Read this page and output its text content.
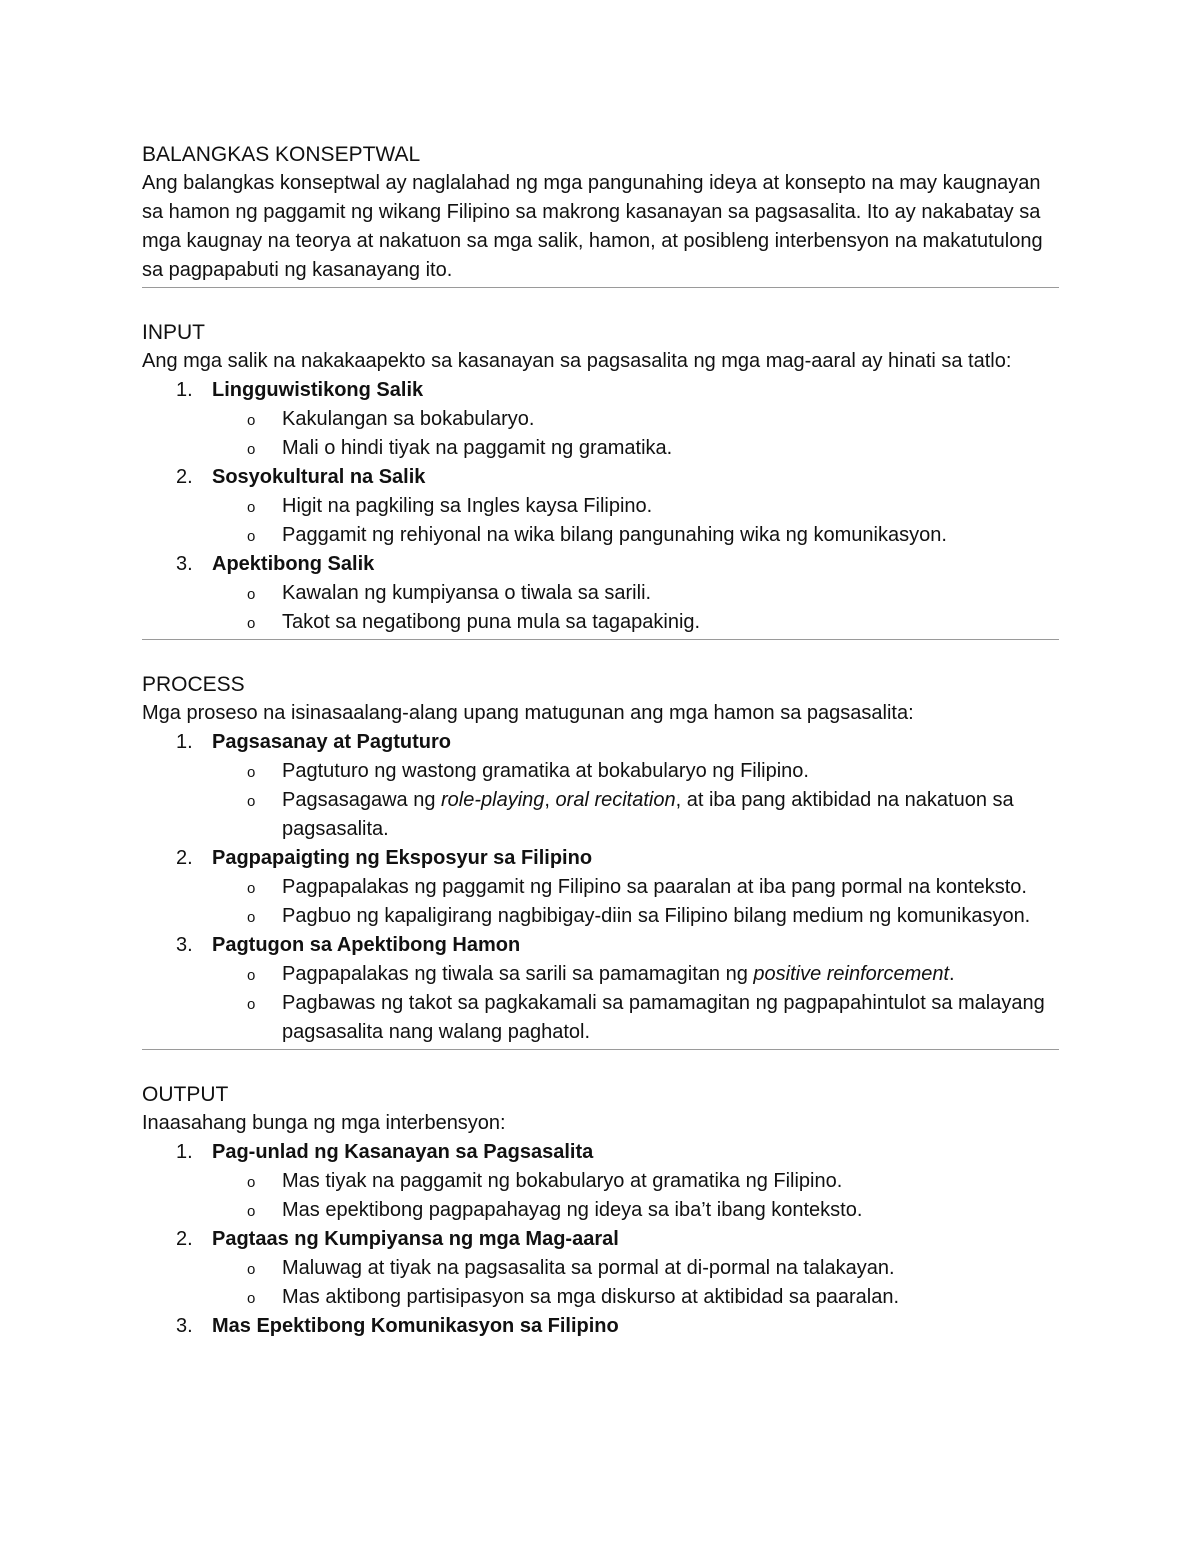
BALANGKAS KONSEPTWAL

Ang balangkas konseptwal ay naglalahad ng mga pangunahing ideya at konsepto na may kaugnayan sa hamon ng paggamit ng wikang Filipino sa makrong kasanayan sa pagsasalita. Ito ay nakabatay sa mga kaugnay na teorya at nakatuon sa mga salik, hamon, at posibleng interbensyon na makatutulong sa pagpapabuti ng kasanayang ito.

INPUT

Ang mga salik na nakakaapekto sa kasanayan sa pagsasalita ng mga mag-aaral ay hinati sa tatlo:

1. Lingguwistikong Salik
o Kakulangan sa bokabularyo.
o Mali o hindi tiyak na paggamit ng gramatika.
2. Sosyokultural na Salik
o Higit na pagkiling sa Ingles kaysa Filipino.
o Paggamit ng rehiyonal na wika bilang pangunahing wika ng komunikasyon.
3. Apektibong Salik
o Kawalan ng kumpiyansa o tiwala sa sarili.
o Takot sa negatibong puna mula sa tagapakinig.
PROCESS

Mga proseso na isinasaalang-alang upang matugunan ang mga hamon sa pagsasalita:

1. Pagsasanay at Pagtuturo
o Pagtuturo ng wastong gramatika at bokabularyo ng Filipino.
o Pagsasagawa ng role-playing, oral recitation, at iba pang aktibidad na nakatuon sa pagsasalita.
2. Pagpapaigting ng Eksposyur sa Filipino
o Pagpapalakas ng paggamit ng Filipino sa paaralan at iba pang pormal na konteksto.
o Pagbuo ng kapaligirang nagbibigay-diin sa Filipino bilang medium ng komunikasyon.
3. Pagtugon sa Apektibong Hamon
o Pagpapalakas ng tiwala sa sarili sa pamamagitan ng positive reinforcement.
o Pagbawas ng takot sa pagkakamali sa pamamagitan ng pagpapahintulot sa malayang pagsasalita nang walang paghatol.
OUTPUT

Inaasahang bunga ng mga interbensyon:

1. Pag-unlad ng Kasanayan sa Pagsasalita
o Mas tiyak na paggamit ng bokabularyo at gramatika ng Filipino.
o Mas epektibong pagpapahayag ng ideya sa iba’t ibang konteksto.
2. Pagtaas ng Kumpiyansa ng mga Mag-aaral
o Maluwag at tiyak na pagsasalita sa pormal at di-pormal na talakayan.
o Mas aktibong partisipasyon sa mga diskurso at aktibidad sa paaralan.
3. Mas Epektibong Komunikasyon sa Filipino
